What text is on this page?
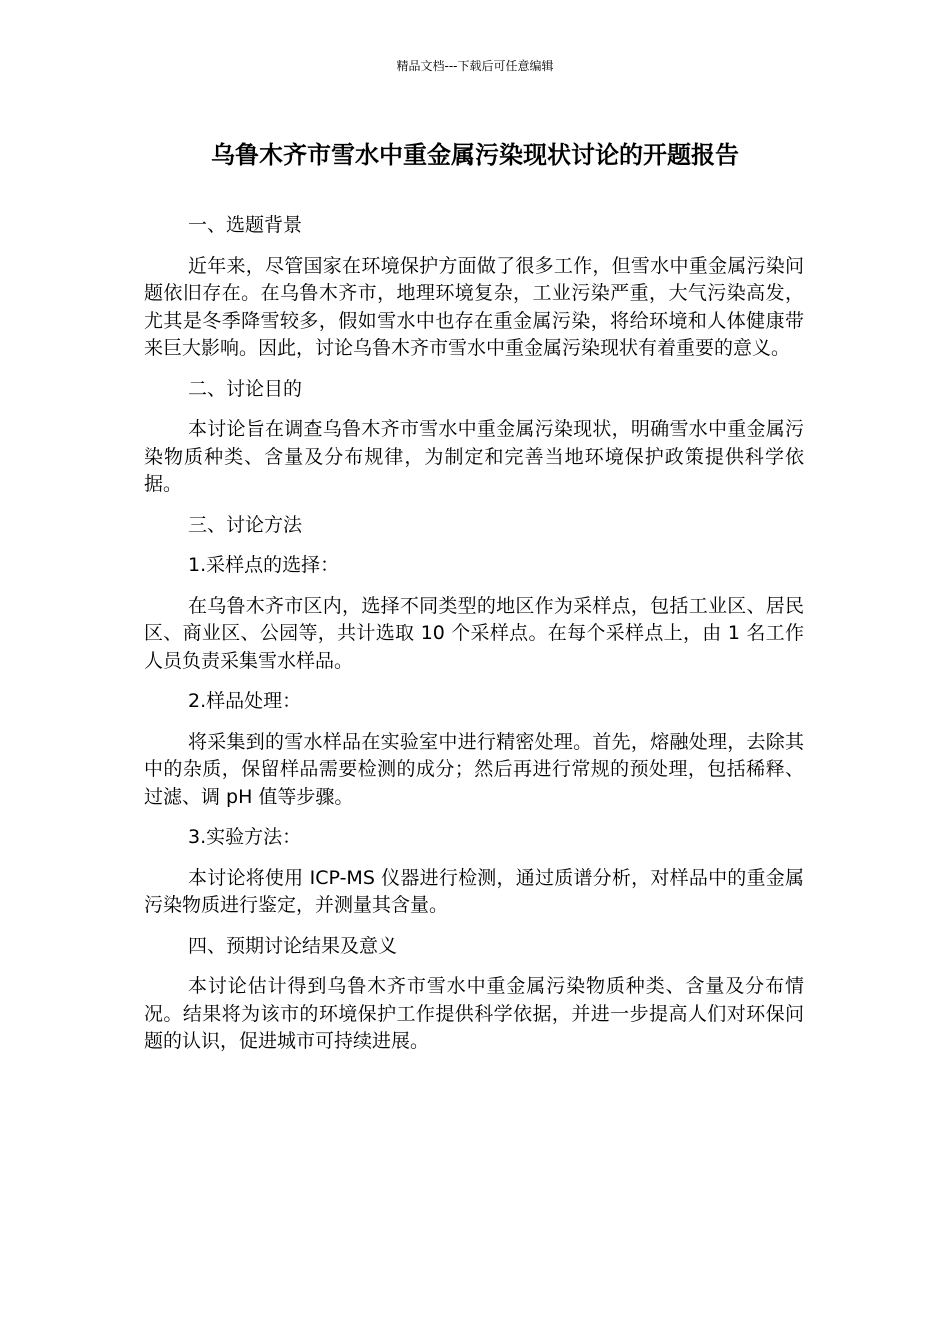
精品文档---下载后可任意编辑
乌鲁木齐市雪水中重金属污染现状讨论的开题报告

一、选题背景

近年来，尽管国家在环境保护方面做了很多工作，但雪水中重金属污染问题依旧存在。在乌鲁木齐市，地理环境复杂，工业污染严重，大气污染高发，尤其是冬季降雪较多，假如雪水中也存在重金属污染，将给环境和人体健康带来巨大影响。因此，讨论乌鲁木齐市雪水中重金属污染现状有着重要的意义。

二、讨论目的

本讨论旨在调查乌鲁木齐市雪水中重金属污染现状，明确雪水中重金属污染物质种类、含量及分布规律，为制定和完善当地环境保护政策提供科学依据。

三、讨论方法

1.采样点的选择：

在乌鲁木齐市区内，选择不同类型的地区作为采样点，包括工业区、居民区、商业区、公园等，共计选取 10 个采样点。在每个采样点上，由 1 名工作人员负责采集雪水样品。

2.样品处理：

将采集到的雪水样品在实验室中进行精密处理。首先，熔融处理，去除其中的杂质，保留样品需要检测的成分；然后再进行常规的预处理，包括稀释、过滤、调 pH 值等步骤。

3.实验方法：

本讨论将使用 ICP-MS 仪器进行检测，通过质谱分析，对样品中的重金属污染物质进行鉴定，并测量其含量。

四、预期讨论结果及意义

本讨论估计得到乌鲁木齐市雪水中重金属污染物质种类、含量及分布情况。结果将为该市的环境保护工作提供科学依据，并进一步提高人们对环保问题的认识，促进城市可持续进展。
